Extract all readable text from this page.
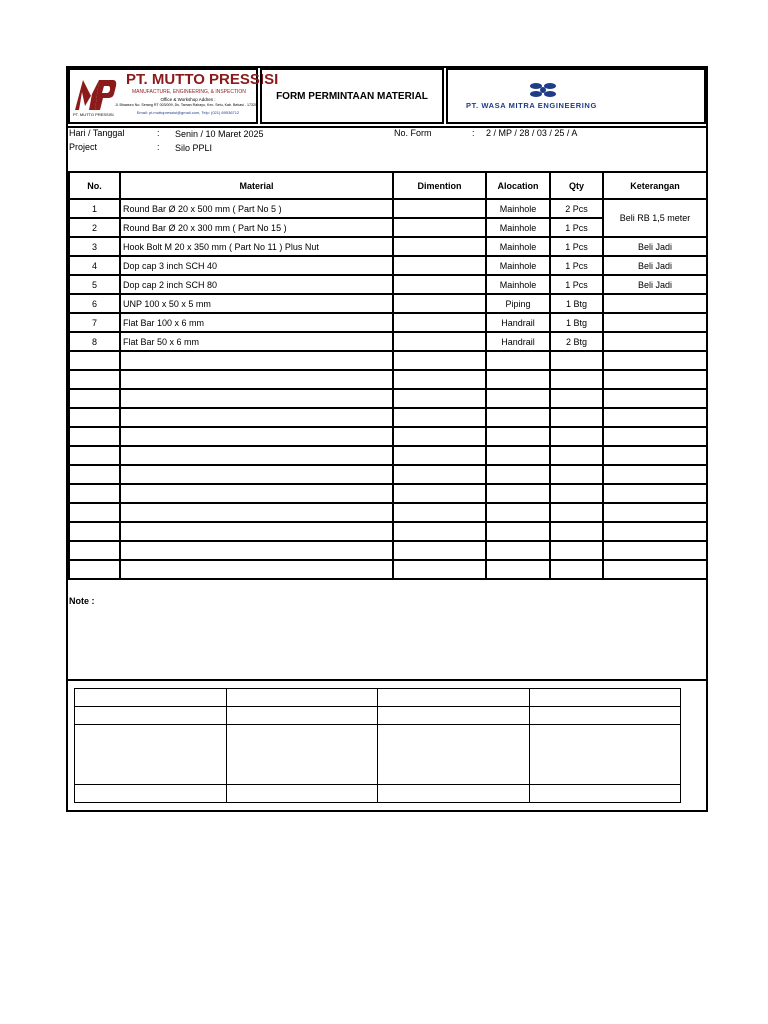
PT. MUTTO PRESSISI
PT. MUTTO PRESSISI
MANUFACTURE, ENGINEERING, & INSPECTION
Office & Workshop Addres :
Jl. Bhaworo No. Serang RT 003/009, Ds. Taman Rahayu, Kec. Setu, Kab. Bekasi - 17320
Email: pt.muttopressisi@gmail.com, Telp: (021) 89536712
FORM PERMINTAAN MATERIAL
PT. WASA MITRA ENGINEERING
Hari / Tanggal	: Senin / 10 Maret 2025
Project	: Silo PPLI
No. Form	: 2 / MP / 28 / 03 / 25 / A
No.	Material	Dimention	Alocation	Qty	Keterangan
1	Round Bar Ø 20 x 500 mm ( Part No 5 )		Mainhole	2 Pcs	Beli RB 1,5 meter
2	Round Bar Ø 20 x 300 mm ( Part No 15 )		Mainhole	1 Pcs	
3	Hook Bolt M 20 x 350 mm ( Part No 11 ) Plus Nut		Mainhole	1 Pcs	Beli Jadi
4	Dop cap 3 inch SCH 40		Mainhole	1 Pcs	Beli Jadi
5	Dop cap 2 inch SCH 80		Mainhole	1 Pcs	Beli Jadi
6	UNP 100 x 50 x 5 mm		Piping	1 Btg	
7	Flat Bar 100 x 6 mm		Handrail	1 Btg	
8	Flat Bar 50 x 6 mm		Handrail	2 Btg	

Note :
